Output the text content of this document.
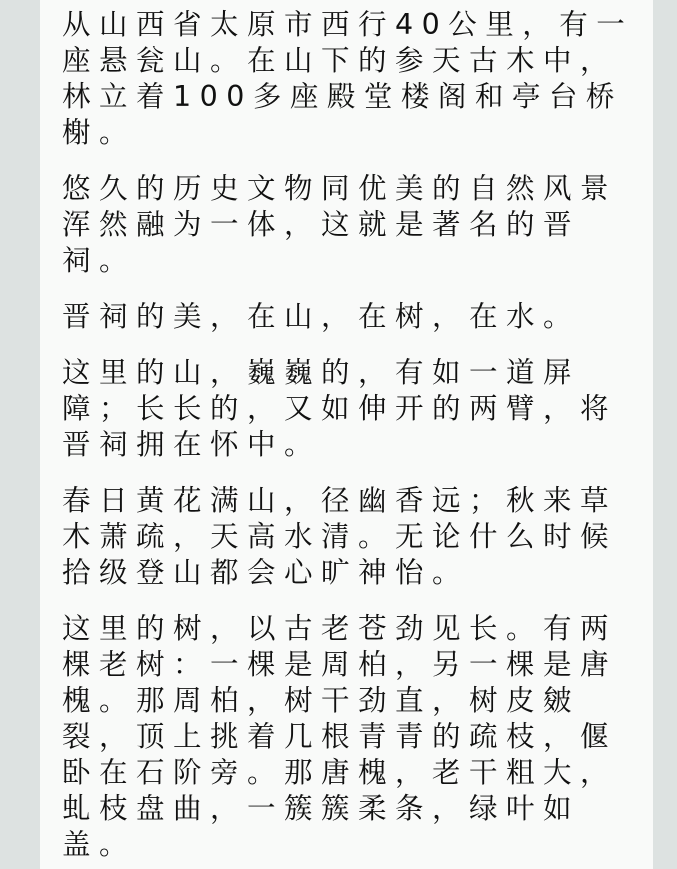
从山西省太原市西行40公里，有一座悬瓮山。在山下的参天古木中，林立着100多座殿堂楼阁和亭台桥榭。

悠久的历史文物同优美的自然风景浑然融为一体，这就是著名的晋祠。

晋祠的美，在山，在树，在水。

这里的山，巍巍的，有如一道屏障；长长的，又如伸开的两臂，将晋祠拥在怀中。

春日黄花满山，径幽香远；秋来草木萧疏，天高水清。无论什么时候拾级登山都会心旷神怡。

这里的树，以古老苍劲见长。有两棵老树：一棵是周柏，另一棵是唐槐。那周柏，树干劲直，树皮皴裂，顶上挑着几根青青的疏枝，偃卧在石阶旁。那唐槐，老干粗大，虬枝盘曲，一簇簇柔条，绿叶如盖。
